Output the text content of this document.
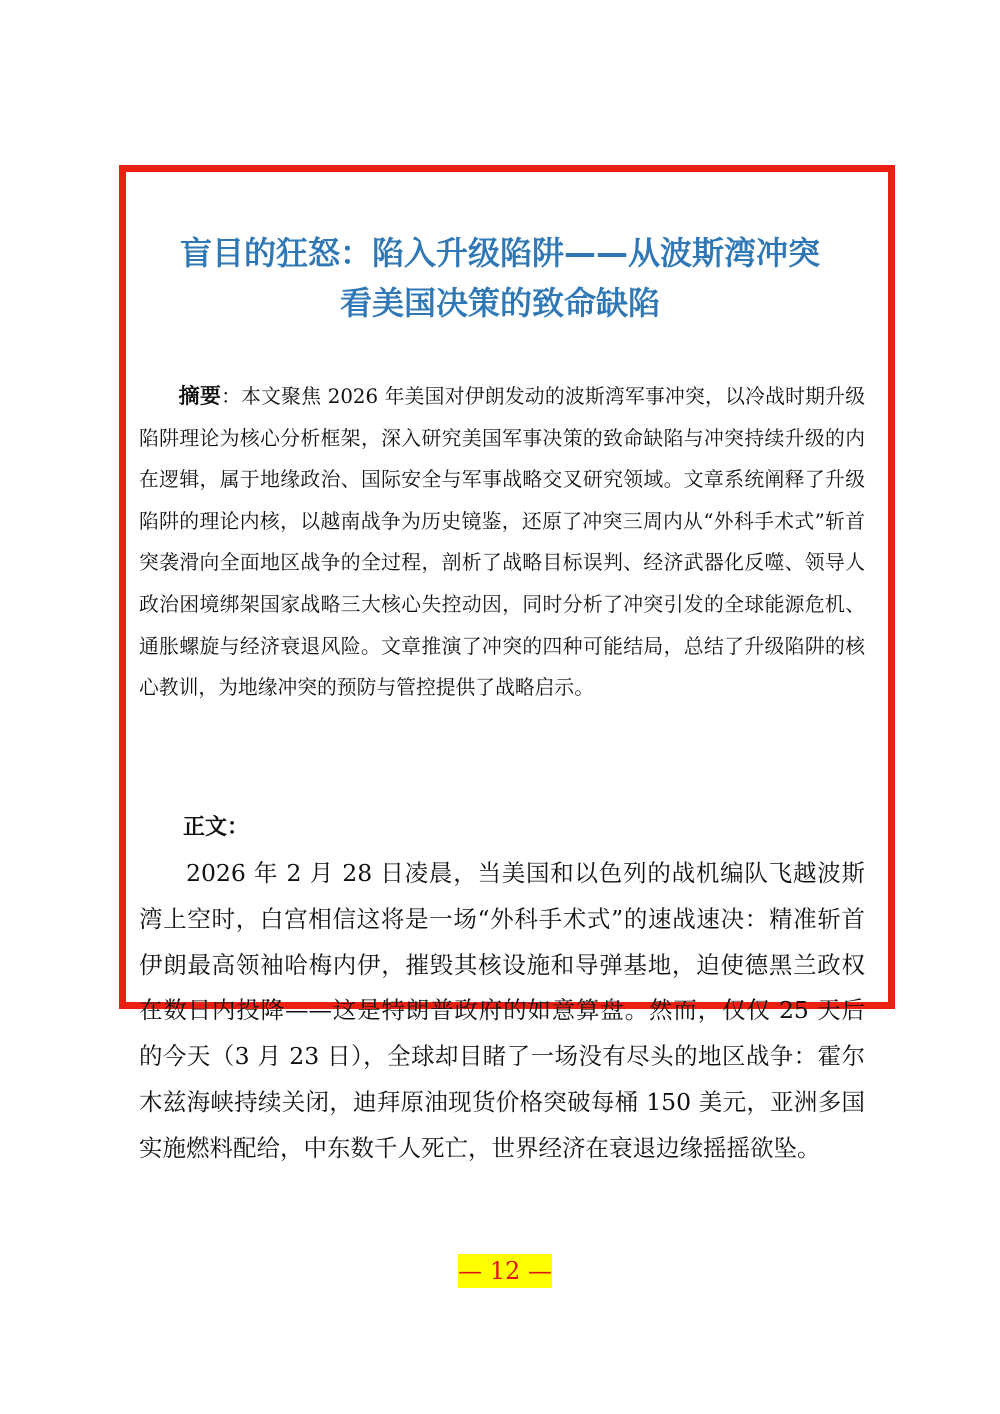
盲目的狂怒：陷入升级陷阱——从波斯湾冲突
看美国决策的致命缺陷

摘要：本文聚焦 2026 年美国对伊朗发动的波斯湾军事冲突，以冷战时期升级陷阱理论为核心分析框架，深入研究美国军事决策的致命缺陷与冲突持续升级的内在逻辑，属于地缘政治、国际安全与军事战略交叉研究领域。文章系统阐释了升级陷阱的理论内核，以越南战争为历史镜鉴，还原了冲突三周内从“外科手术式”斩首突袭滑向全面地区战争的全过程，剖析了战略目标误判、经济武器化反噬、领导人政治困境绑架国家战略三大核心失控动因，同时分析了冲突引发的全球能源危机、通胀螺旋与经济衰退风险。文章推演了冲突的四种可能结局，总结了升级陷阱的核心教训，为地缘冲突的预防与管控提供了战略启示。

正文：

2026 年 2 月 28 日凌晨，当美国和以色列的战机编队飞越波斯湾上空时，白宫相信这将是一场“外科手术式”的速战速决：精准斩首伊朗最高领袖哈梅内伊，摧毁其核设施和导弹基地，迫使德黑兰政权在数日内投降——这是特朗普政府的如意算盘。然而，仅仅 25 天后的今天（3 月 23 日），全球却目睹了一场没有尽头的地区战争：霍尔木兹海峡持续关闭，迪拜原油现货价格突破每桶 150 美元，亚洲多国实施燃料配给，中东数千人死亡，世界经济在衰退边缘摇摇欲坠。

— 12 —
